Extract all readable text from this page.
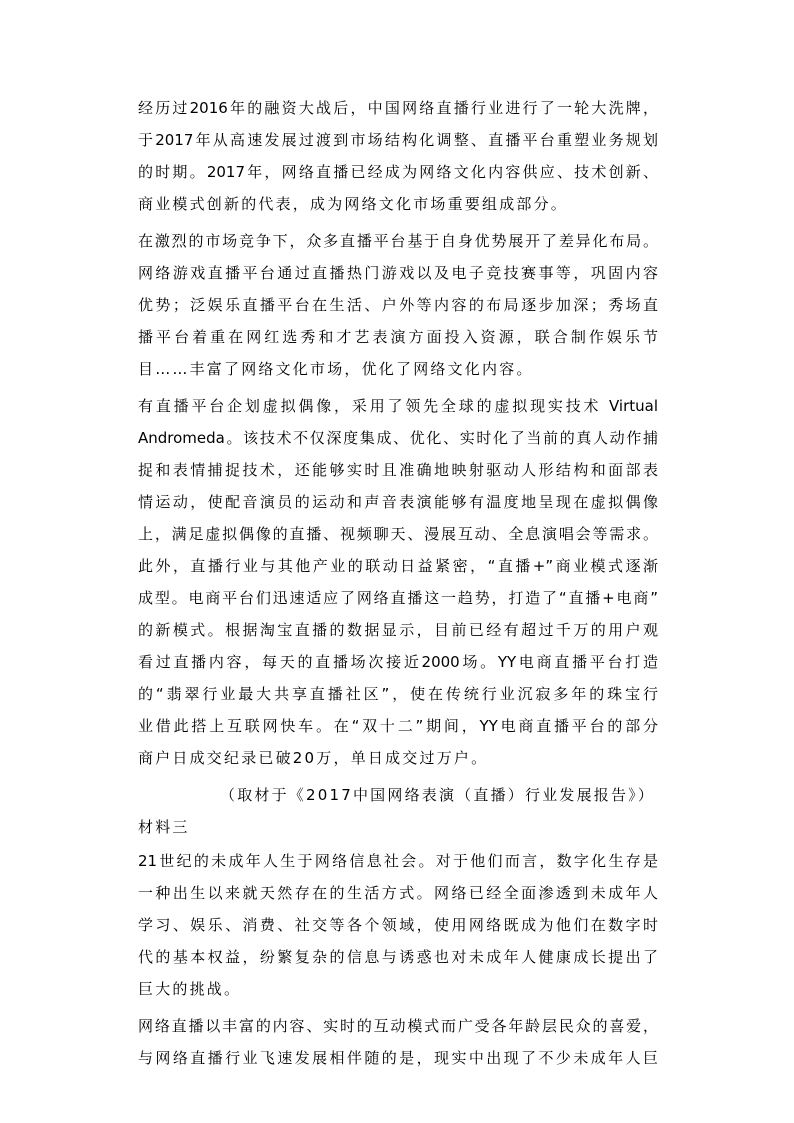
经历过2016年的融资大战后，中国网络直播行业进行了一轮大洗牌，
于2017年从高速发展过渡到市场结构化调整、直播平台重塑业务规划
的时期。2017年，网络直播已经成为网络文化内容供应、技术创新、
商业模式创新的代表，成为网络文化市场重要组成部分。
在激烈的市场竞争下，众多直播平台基于自身优势展开了差异化布局。
网络游戏直播平台通过直播热门游戏以及电子竞技赛事等，巩固内容
优势；泛娱乐直播平台在生活、户外等内容的布局逐步加深；秀场直
播平台着重在网红选秀和才艺表演方面投入资源，联合制作娱乐节
目……丰富了网络文化市场，优化了网络文化内容。
有直播平台企划虚拟偶像，采用了领先全球的虚拟现实技术 Virtual
Andromeda。该技术不仅深度集成、优化、实时化了当前的真人动作捕
捉和表情捕捉技术，还能够实时且准确地映射驱动人形结构和面部表
情运动，使配音演员的运动和声音表演能够有温度地呈现在虚拟偶像
上，满足虚拟偶像的直播、视频聊天、漫展互动、全息演唱会等需求。
此外，直播行业与其他产业的联动日益紧密，“直播+”商业模式逐渐
成型。电商平台们迅速适应了网络直播这一趋势，打造了“直播+电商”
的新模式。根据淘宝直播的数据显示，目前已经有超过千万的用户观
看过直播内容，每天的直播场次接近2000场。YY电商直播平台打造
的“翡翠行业最大共享直播社区”，使在传统行业沉寂多年的珠宝行
业借此搭上互联网快车。在“双十二”期间，YY电商直播平台的部分
商户日成交纪录已破20万，单日成交过万户。
（取材于《2017中国网络表演（直播）行业发展报告》）
材料三
21世纪的未成年人生于网络信息社会。对于他们而言，数字化生存是
一种出生以来就天然存在的生活方式。网络已经全面渗透到未成年人
学习、娱乐、消费、社交等各个领域，使用网络既成为他们在数字时
代的基本权益，纷繁复杂的信息与诱惑也对未成年人健康成长提出了
巨大的挑战。
网络直播以丰富的内容、实时的互动模式而广受各年龄层民众的喜爱，
与网络直播行业飞速发展相伴随的是，现实中出现了不少未成年人巨
